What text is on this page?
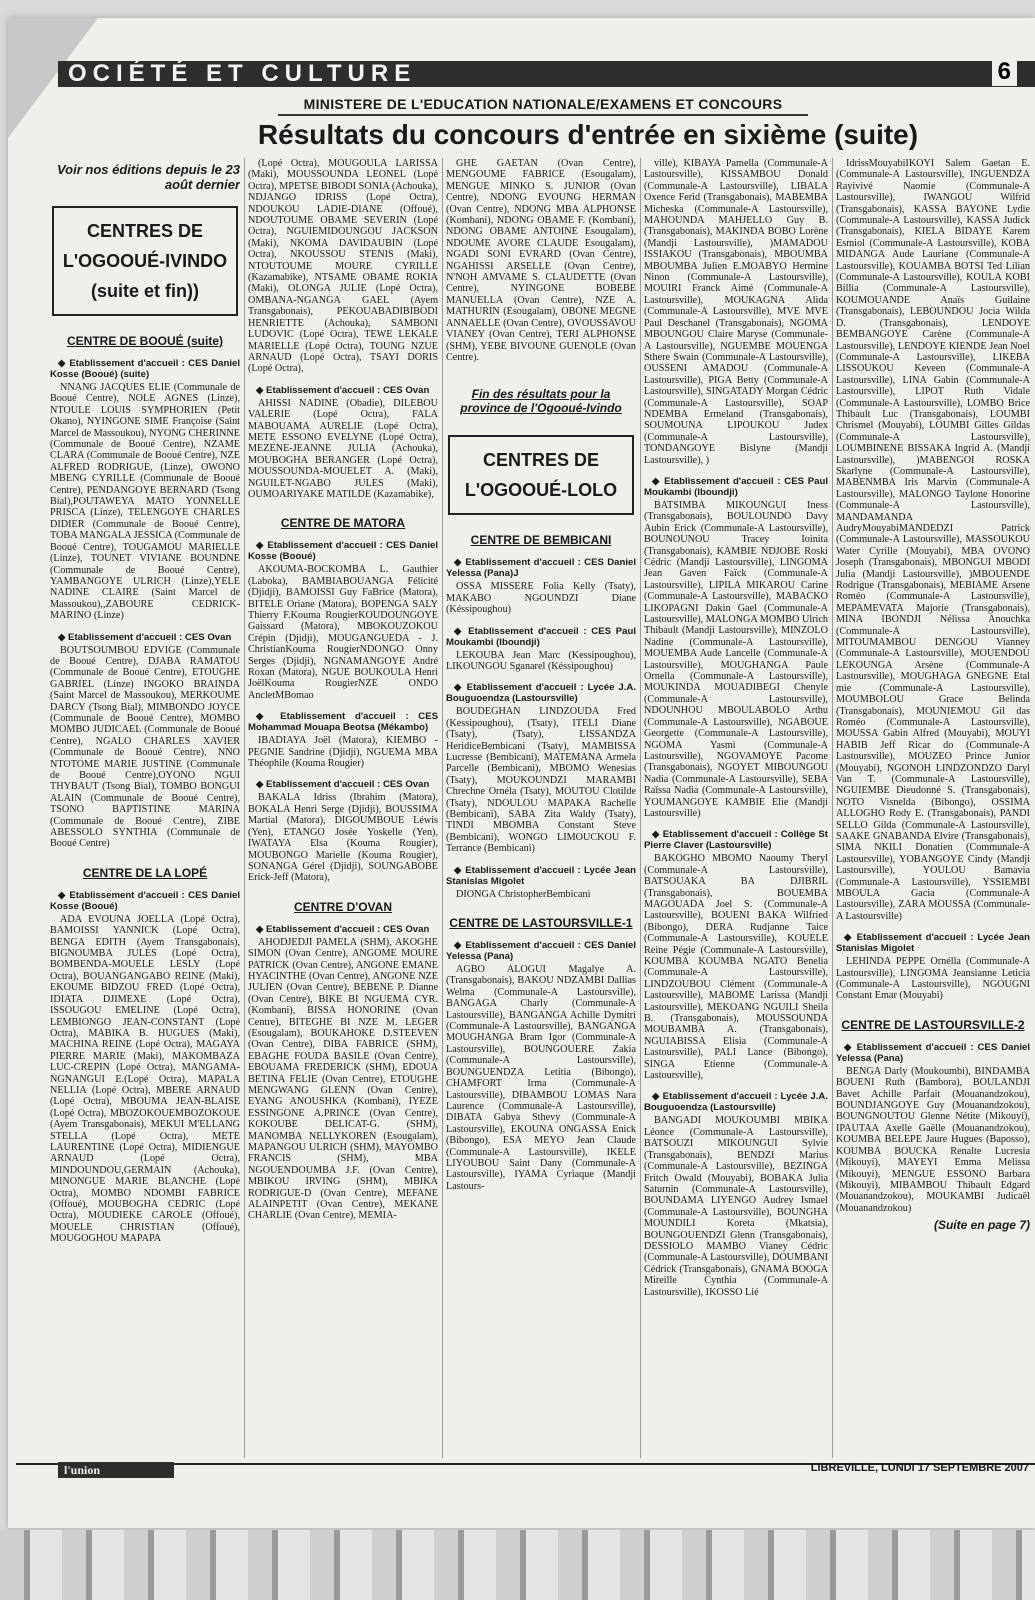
OCIÉTÉ ET CULTURE	6
MINISTERE DE L'EDUCATION NATIONALE/EXAMENS ET CONCOURS
Résultats du concours d'entrée en sixième (suite)
Voir nos éditions depuis le 23 août dernier
CENTRES DE L'OGOOUÉ-IVINDO (suite et fin))
CENTRE DE BOOUÉ (suite)
◆ Etablissement d'accueil : CES Daniel Kosse (Booué) (suite)

NNANG JACQUES ELIE (Communale de Booué Centre), NOLE AGNES (Linze), NTOULE LOUIS SYMPHORIEN (Petit Okano), NYINGONE SIME Françoise (Saint Marcel de Massoukou), NYONG CHERINNE (Communale de Booué Centre), NZAME CLARA (Communale de Booué Centre), NZE ALFRED RODRIGUE, (Linze), OWONO MBENG CYRILLE (Communale de Booué Centre), PENDANGOYE BERNARD (Tsong Bial),POUTAWEYA MATO YONNELLE PRISCA (Linze), TELENGOYE CHARLES DIDIER (Communale de Booué Centre), TOBA MANGALA JESSICA (Communale de Booué Centre), TOUGAMOU MARIELLE (Linze), TOUNET VIVIANE BOUNDNE (Communale de Booué Centre), YAMBANGOYE ULRICH (Linze),YELE NADINE CLAIRE (Saint Marcel de Massoukou),,ZABOURE CEDRICK-MARINO (Linze)

◆ Etablissement d'accueil : CES Ovan

BOUTSOUMBOU EDVIGE (Communale de Booué Centre), DJABA RAMATOU (Communale de Booué Centre), ETOUGHE GABRIEL (Linze) INGOKO BRAINDA (Saint Marcel de Massoukou), MERKOUME DARCY (Tsong Bial), MIMBONDO JOYCE (Communale de Booué Centre), MOMBO MOMBO JUDICAEL (Communale de Booué Centre), NGALO CHARLES XAVIER (Communale de Booué Centre), NNO NTOTOME MARIE JUSTINE (Communale de Booué Centre),OYONO NGUI THYBAUT (Tsong Bial), TOMBO BONGUI ALAIN (Communale de Booué Centre), TSONO BAPTISTINE MARINA (Communale de Booué Centre), ZIBE ABESSOLO SYNTHIA (Communale de Booué Centre)

CENTRE DE LA LOPÉ
◆ Etablissement d'accueil : CES Daniel Kosse (Booué)

ADA EVOUNA JOELLA (Lopé Octra), BAMOISSI YANNICK (Lopé Octra), BENGA EDITH (Ayem Transgabonais), BIGNOUMBA JULES (Lopé Octra), BOMBENDA-MOUELE LESLY (Lopé Octra), BOUANGANGABO REINE (Maki), EKOUME BIDZOU FRED (Lopé Octra), IDIATA DJIMEXE (Lopé Octra), ISSOUGOU EMELINE (Lopé Octra), LEMBIONGO JEAN-CONSTANT (Lopé Octra), MABIKA B. HUGUES (Maki), MACHINA REINE (Lopé Octra), MAGAYA PIERRE MARIE (Maki), MAKOMBAZA LUC-CREPIN (Lopé Octra), MANGAMA-NGNANGUI E.(Lopé Octra), MAPALA NELLIA (Lopé Octra), MBERE ARNAUD (Lopé Octra), MBOUMA JEAN-BLAISE (Lopé Octra), MBOZOKOUEMBOZOKOUE (Ayem Transgabonais), MEKUI M'ELLANG STELLA (Lopé Octra), METE LAURENTINE (Lopé Octra), MIDIENGUE ARNAUD (Lopé Octra), MINDOUNDOU,GERMAIN (Achouka), MINONGUE MARIE BLANCHE (Lopé Octra), MOMBO NDOMBI FABRICE (Offoué), MOUBOGHA CEDRIC (Lopé Octra), MOUDIEKE CAROLE (Offoué), MOUELE CHRISTIAN (Offoué), MOUGOGHOU MAPAPA

(Lopé Octra), MOUGOULA LARISSA (Maki), MOUSSOUNDA LEONEL (Lopé Octra), MPETSE BIBODI SONIA (Achouka), NDJANGO IDRISS (Lopé Octra), NDOUKOU LADIE-DIANE (Offoué), NDOUTOUME OBAME SEVERIN (Lopé Octra), NGUIEMIDOUNGOU JACKSON (Maki), NKOMA DAVIDAUBIN (Lopé Octra), NKOUSSOU STENIS (Maki), NTOUTOUME MOURE CYRILLE (Kazamabike), NTSAME OBAME ROKIA (Maki), OLONGA JULIE (Lopé Octra), OMBANA-NGANGA GAEL (Ayem Transgabonais), PEKOUABADIBIBODI HENRIETTE (Achouka), SAMBONI LUDOVIC (Lopé Octra), TEWE LEKALE MARIELLE (Lopé Octra), TOUNG NZUE ARNAUD (Lopé Octra), TSAYI DORIS (Lopé Octra),

◆ Etablissement d'accueil : CES Ovan

AHISSI NADINE (Obadie), DILEBOU VALERIE (Lopé Octra), FALA MABOUAMA AURELIE (Lopé Octra), METE ESSONO EVELYNE (Lopé Octra), MEZENE-JEANNE JULIA (Achouka), MOUBOGHA BERANGER (Lopé Octra), MOUSSOUNDA-MOUELET A. (Maki), NGUILET-NGABO JULES (Maki), OUMOARIYAKE MATILDE (Kazamabike),

CENTRE DE MATORA
◆ Etablissement d'accueil : CES Daniel Kosse (Booué)

AKOUMA-BOCKOMBA L. Gauthier (Laboka), BAMBIABOUANGA Félicité (Djidji), BAMOISSI Guy FaBrice (Matora), BITELE Oriane (Matora), BOPENGA SALY Thierry F.Kouma RougierKOUDOUNGOYE Gaissard (Matora), MBOKOUZOKOU Crépin (Djidji), MOUGANGUEDA - J. ChristianKouma RougierNDONGO Onny Serges (Djidji), NGNAMANGOYE André Roxan (Matora), NGUE BOUKOULA Henri JoëlKouma RougierNZE ONDO AncletMBomao

◆ Etablissement d'accueil : CES Mohammad Mouapa Beotsa (Mékambo)

IBADIAYA Joël (Matora), KIEMBO - PEGNIE Sandrine (Djidji), NGUEMA MBA Théophile (Kouma Rougier)

◆ Etablissement d'accueil : CES Ovan

BAKALA Idriss (Ibrahim (Matora), BOKALA Henri Serge (Djidji), BOUSSIMA Martial (Matora), DIGOUMBOUE Léwis (Yen), ETANGO Josée Yoskelle (Yen), IWATAYA Elsa (Kouma Rougier), MOUBONGO Marielle (Kouma Rougier), SONANGA Gérel (Djidji), SOUNGABOBE Erick-Jeff (Matora),

CENTRE D'OVAN
◆ Etablissement d'accueil : CES Ovan

AHODJEDJI PAMELA (SHM), AKOGHE SIMON (Ovan Centre), ANGOME MOURE PATRICK (Ovan Centre), ANGONE EMANE HYACINTHE (Ovan Centre), ANGONE NZE JULIEN (Ovan Centre), BEBENE P. Dianne (Ovan Centre), BIKE BI NGUEMA CYR. (Kombani), BISSA HONORINE (Ovan Centre), BITEGHE BI NZE M. LEGER (Esougalam), BOUKAHOKE D.STEEVEN (Ovan Centre), DIBA FABRICE (SHM), EBAGHE FOUDA BASILE (Ovan Centre), EBOUAMA FREDERICK (SHM), EDOUA BETINA FELIE (Ovan Centre), ETOUGHE MENGWANG GLENN (Ovan Centre), EYANG ANOUSHKA (Kombani), IYEZE ESSINGONE A.PRINCE (Ovan Centre), KOKOUBE DELICAT-G. (SHM), MANOMBA NELLYKOREN (Esougalam), MAPANGOU ULRICH (SHM), MAYOMBO FRANCIS (SHM), MBA NGOUENDOUMBA J.F. (Ovan Centre), MBIKOU IRVING (SHM), MBIKA RODRIGUE-D (Ovan Centre), MEFANE ALAINPETIT (Ovan Centre), MEKANE CHARLIE (Ovan Centre), MEMIA-

GHE GAETAN (Ovan Centre), MENGOUME FABRICE (Esougalam), MENGUE MINKO S. JUNIOR (Ovan Centre), NDONG EVOUNG HERMAN (Ovan Centre), NDONG MBA ALPHONSE (Kombani), NDONG OBAME F. (Kombani), NDONG OBAME ANTOINE Esougalam), NDOUME AVORE CLAUDE Esougalam), NGADI SONI EVRARD (Ovan Centre), NGAHISSI ARSELLE (Ovan Centre), N'NOH AMVAME S. CLAUDETTE (Ovan Centre), NYINGONE BOBEBE MANUELLA (Ovan Centre), NZE A. MATHURIN (Esougalam), OBONE MEGNE ANNAELLE (Ovan Centre), OVOUSSAVOU VIANEY (Ovan Centre), TERI ALPHONSE (SHM), YEBE BIVOUNE GUENOLE (Ovan Centre).

Fin des résultats pour la province de l'Ogooué-Ivindo
CENTRES DE L'OGOOUÉ-LOLO
CENTRE DE BEMBICANI
◆ Etablissement d'accueil : CES Daniel Yelessa (Pana)J

OSSA MISSERE Folia Kelly (Tsaty), MAKABO NGOUNDZI Diane (Késsipoughou)

◆ Etablissement d'accueil : CES Paul Moukambi (Iboundji)

LEKOUBA Jean Marc (Kessipoughou), LIKOUNGOU Sganarel (Késsipoughou)

◆ Etablissement d'accueil : Lycée J.A. Bouguoendza (Lastoursville)

BOUDEGHAN LINDZOUDA Fred (Kessipoughou), (Tsaty), ITELI Diane (Tsaty), (Tsaty), LISSANDZA HeridiceBembicani (Tsaty), MAMBISSA Lucresse (Bembicani), MATEMANA Armela Parcelle (Bembicani), MBOMO Wenesias (Tsaty), MOUKOUNDZI MARAMBI Chrechne Ornéla (Tsaty), MOUTOU Clotilde (Tsaty), NDOULOU MAPAKA Rachelle (Bembicani), SABA Zita Waldy (Tsaty), TINDI MBOMBA Constant Steve (Bembicani), WONGO LIMOUCKOU F. Terrance (Bembicani)

◆ Etablissement d'accueil : Lycée Jean Stanislas Migolet

DIONGA ChristopherBembicani

CENTRE DE LASTOURSVILLE-1
◆ Etablissement d'accueil : CES Daniel Yelessa (Pana)

AGBO ALOGUI Magalye A. (Transgabonais), BAKOU NDZAMBI Dallias Welma (Communale-A Lastoursville), BANGAGA Charly (Communale-A Lastoursville), BANGANGA Achille Dymitri (Communale-A Lastoursville), BANGANGA MOUGHANGA Bram Igor (Communale-A Lastoursville), BOUNGOUERE Zakia (Communale-A Lastoursville), BOUNGUENDZA Letitia (Bibongo), CHAMFORT Irma (Communale-A Lastoursville), DIBAMBOU LOMAS Nara Laurence (Communale-A Lastoursville), DIBATA Gabya Sthevy (Communale-A Lastoursville), EKOUNA ONGASSA Enick (Bibongo), ESA MEYO Jean Claude (Communale-A Lastoursville), IKELE LIYOUBOU Saint Dany (Communale-A Lastoursville), IYAMA Cyriaque (Mandji Lastours-

ville), KIBAYA Pamella (Communale-A Lastoursville), KISSAMBOU Donald (Communale-A Lastoursville), LIBALA Oxence Ferid (Transgabonais), MABEMBA Micheska (Communale-A Lastoursville), MAHOUNDA MAHJELLO Guy B. (Transgabonais), MAKINDA BOBO Lorène (Mandji Lastoursville), )MAMADOU ISSIAKOU (Transgabonais), MBOUMBA MBOUMBA Julien E.MOABYO Hermine Ninon (Communale-A Lastoursville), MOUIRI Franck Aimé (Communale-A Lastoursville), MOUKAGNA Alida (Communale-A Lastoursville), MVE MVE Paul Deschanel (Transgabonais), NGOMA MBOUNGOU Claire Maryse (Communale-A Lastoursville), NGUEMBE MOUENGA Sthere Swain (Communale-A Lastoursville), OUSSENI AMADOU (Communale-A Lastoursville), PIGA Betty (Communale-A Lastoursville), SINGATADY Morgan Cédric (Communale-A Lastoursville), SOAP NDEMBA Ermeland (Transgabonais), SOUMOUNA LIPOUKOU Judex (Communale-A Lastoursville), TONDANGOYE Bislyne (Mandji Lastoursville), )

◆ Etablissement d'accueil : CES Paul Moukambi (Iboundji)

BATSIMBA MIKOUNGUI Iness (Transgabonais), BOULOUNDO Davy Aubin Erick (Communale-A Lastoursville), BOUNOUNOU Tracey Ioinita (Transgabonais), KAMBIE NDJOBE Roski Cédric (Mandji Lastoursville), LINGOMA Jean Gaven Faïck (Communale-A Lastoursville), LIPILA MIKAROU Carine (Communale-A Lastoursville), MABACKO LIKOPAGNI Dakin Gael (Communale-A Lastoursville), MALONGA MOMBO Ulrich Thibault (Mandji Lastoursville), MINZOLO Nadine (Communale-A Lastoursville), MOUEMBA Aude Lancelle (Communale-A Lastoursville), MOUGHANGA Paule Ornella (Communale-A Lastoursville), MOUKINDA MOUADIBEGI Chenyle (Communale-A Lastoursville), NDOUNHOU MBOULABOLO Arthu (Communale-A Lastoursville), NGABOUE Georgette (Communale-A Lastoursville), NGOMA Yasmi (Communale-A Lastoursville), NGOVAMOYE Pacome (Transgabonais), NGOYET MIBOUNGOU Nadia (Communale-A Lastoursville), SEBA Raïssa Nadia (Communale-A Lastoursville), YOUMANGOYE KAMBIE Elie (Mandji Lastoursville)

◆ Etablissement d'accueil : Collège St Pierre Claver (Lastoursville)

BAKOGHO MBOMO Naoumy Theryl (Communale-A Lastoursville), BATSOUAKA BA DJIBRIL (Transgabonais), BOUEMBA MAGOUADA Joel S. (Communale-A Lastoursville), BOUENI BAKA Wilfried (Bibongo), DERA Rudjanne Taice (Communale-A Lastoursville), KOUELE Reine Pégie (Communale-A Lastoursville), KOUMBA KOUMBA NGATO Benelia (Communale-A Lastoursville), LINDZOUBOU Clément (Communale-A Lastoursville), MABOME Larissa (Mandji Lastoursville), MEKOANG NGUILI Sheila B. (Transgabonais), MOUSSOUNDA MOUBAMBA A. (Transgabonais), NGUIABISSA Elisia (Communale-A Lastoursville), PALI Lance (Bibongo), SINGA Etienne (Communale-A Lastoursville),

◆ Etablissement d'accueil : Lycée J.A. Bouguoendza (Lastoursville)

BANGADI MOUKOUMBI MBIKA Léonce (Communale-A Lastoursville), BATSOUZI MIKOUNGUI Sylvie (Transgabonais), BENDZI Marius (Communale-A Lastoursville), BEZINGA Fritch Owald (Mouyabi), BOBAKA Julia Saturnin (Communale-A Lastoursville), BOUNDAMA LIYENGO Audrey Ismael (Communale-A Lastoursville), BOUNGHA MOUNDILI Koreta (Mkatsia), BOUNGOUENDZI Glenn (Transgabonais), DESSIOLO MAMBO Vianey Cédric (Communale-A Lastoursville), DOUMBANI Cédrick (Transgabonais), GNAMA BOOGA Mireille Cynthia (Communale-A Lastoursville), IKOSSO Lié

IdrissMouyabiIKOYI Salem Gaetan E. (Communale-A Lastoursville), INGUENDZA Rayivivé Naomie (Communale-A Lastoursville), IWANGOU Wilfrid (Transgabonais), KASSA BAYONE Lydie (Communale-A Lastoursville), KASSA Judick (Transgabonais), KIELA BIDAYE Karem Esmiol (Communale-A Lastoursville), KOBA MIDANGA Aude Lauriane (Communale-A Lastoursville), KOUAMBA BOTSI Ted Lilian (Communale-A Lastoursville), KOULA KOBI Billia (Communale-A Lastoursville), KOUMOUANDE Anaïs Guilaine (Transgabonais), LEBOUNDOU Jocia Wilda D. (Transgabonais), LENDOYE BEMBANGOYE Carène (Communale-A Lastoursville), LENDOYE KIENDE Jean Noel (Communale-A Lastoursville), LIKEBA LISSOUKOU Keveen (Communale-A Lastoursville), LINA Gabin (Communale-A Lastoursville), LIPOT Ruth Vidale (Communale-A Lastoursville), LOMBO Brice Thibault Luc (Transgabonais), LOUMBI Chrismel (Mouyabi), LOUMBI Gilles Gildas (Communale-A Lastoursville), LOUMBINENE BISSAKA Ingrid A. (Mandji Lastoursville), )MABENGOI ROSKA Skarlyne (Communale-A Lastoursville), MABENMBA Iris Marvin (Communale-A Lastoursville), MALONGO Taylone Honorine (Communale-A Lastoursville), MANDAMANDA AudryMouyabiMANDEDZI Patrick (Communale-A Lastoursville), MASSOUKOU Water Cyrille (Mouyabi), MBA OVONO Joseph (Transgabonais), MBONGUI MBODI Julia (Mandji Lastoursville), )MBOUENDE Rodrigue (Transgabonais), MEBIAME Arsene Roméo (Communale-A Lastoursville), MEPAMEVATA Majorie (Transgabonais), MINA IBONDJI Nélissa Anouchka (Communale-A Lastoursville), MITOUMAMBOU DENGOU Vianney (Communale-A Lastoursville), MOUENDOU LEKOUNGA Arsène (Communale-A Lastoursville), MOUGHAGA GNEGNE Etal mie (Communale-A Lastoursville), MOUMBOLOU Grace Belinda (Transgabonais), MOUNIEMOU Gil das Roméo (Communale-A Lastoursville), MOUSSA Gabin Alfred (Mouyabi), MOUYI HABIB Jeff Ricar do (Communale-A Lastoursville), MOUZEO Prince Junior (Mouyabi), NGONOH LINDZONDZO Daryl Van T. (Communale-A Lastoursville), NGUIEMBE Dieudonné S. (Transgabonais), NOTO Visnelda (Bibongo), OSSIMA ALLOGHO Rody E. (Transgabonais), PANDI SELLO Gilda (Communale-A Lastoursville), SAAKE GNABANDA Elvire (Transgabonais), SIMA NKILI Donatien (Communale-A Lastoursville), YOBANGOYE Cindy (Mandji Lastoursville), YOULOU Bamavia (Communale-A Lastoursville), YSSIEMBI MBOULA Gacia (Communale-A Lastoursville), ZARA MOUSSA (Communale-A Lastoursville)

◆ Etablissement d'accueil : Lycée Jean Stanislas Migolet

LEHINDA PEPPE Ornélla (Communale-A Lastoursville), LINGOMA Jeansianne Leticia (Communale-A Lastoursville), NGOUGNI Constant Emar (Mouyabi)

CENTRE DE LASTOURSVILLE-2
◆ Etablissement d'accueil : CES Daniel Yelessa (Pana)

BENGA Darly (Moukoumbi), BINDAMBA BOUENI Ruth (Bambora), BOULANDJI Bavet Achille Parfait (Mouanandzokou), BOUNDJANGOYE Guy (Mouanandzokou), BOUNGNOUTOU Glenne Nétite (Mikouyi), IPAUTAA Axelle Gaëlle (Mouanandzokou), KOUMBA BELEPE Jaure Hugues (Baposso), KOUMBA BOUCKA Renalte Lucresia (Mikouyi), MAYEYI Emma Melissa (Mikouyi), MENGUE ESSONO Barbara (Mikouyi), MIBAMBOU Thibault Edgard (Mouanandzokou), MOUKAMBI Judicaël (Mouanandzokou)

(Suite en page 7)
l'union	LIBREVILLE, LUNDI 17 SEPTEMBRE 2007
